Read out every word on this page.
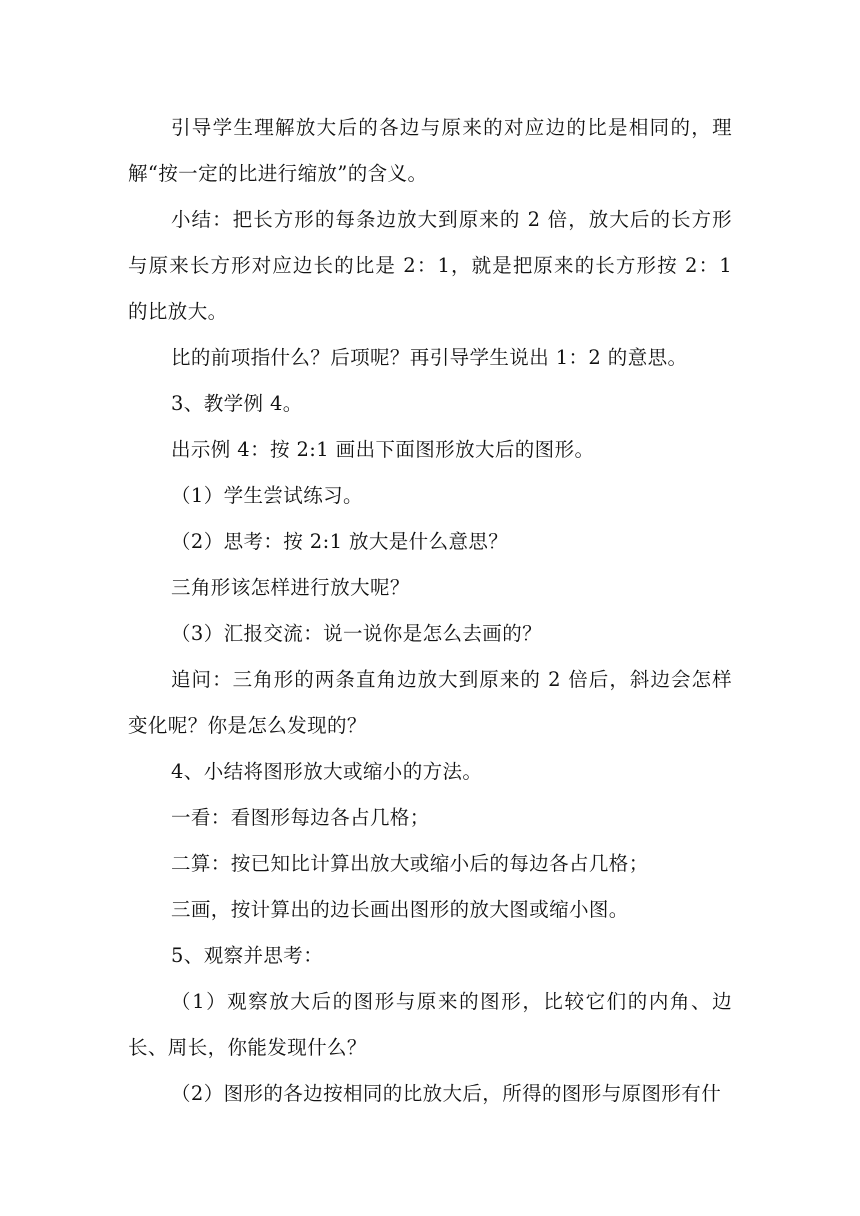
引导学生理解放大后的各边与原来的对应边的比是相同的，理解“按一定的比进行缩放”的含义。

小结：把长方形的每条边放大到原来的 2 倍，放大后的长方形与原来长方形对应边长的比是 2：1，就是把原来的长方形按 2：1 的比放大。

比的前项指什么？后项呢？再引导学生说出 1：2 的意思。

3、教学例 4。

出示例 4：按 2:1 画出下面图形放大后的图形。

（1）学生尝试练习。

（2）思考：按 2:1 放大是什么意思？

三角形该怎样进行放大呢？

（3）汇报交流：说一说你是怎么去画的？

追问：三角形的两条直角边放大到原来的 2 倍后，斜边会怎样变化呢？你是怎么发现的？

4、小结将图形放大或缩小的方法。

一看：看图形每边各占几格；

二算：按已知比计算出放大或缩小后的每边各占几格；

三画，按计算出的边长画出图形的放大图或缩小图。

5、观察并思考：

（1）观察放大后的图形与原来的图形，比较它们的内角、边长、周长，你能发现什么？

（2）图形的各边按相同的比放大后，所得的图形与原图形有什
